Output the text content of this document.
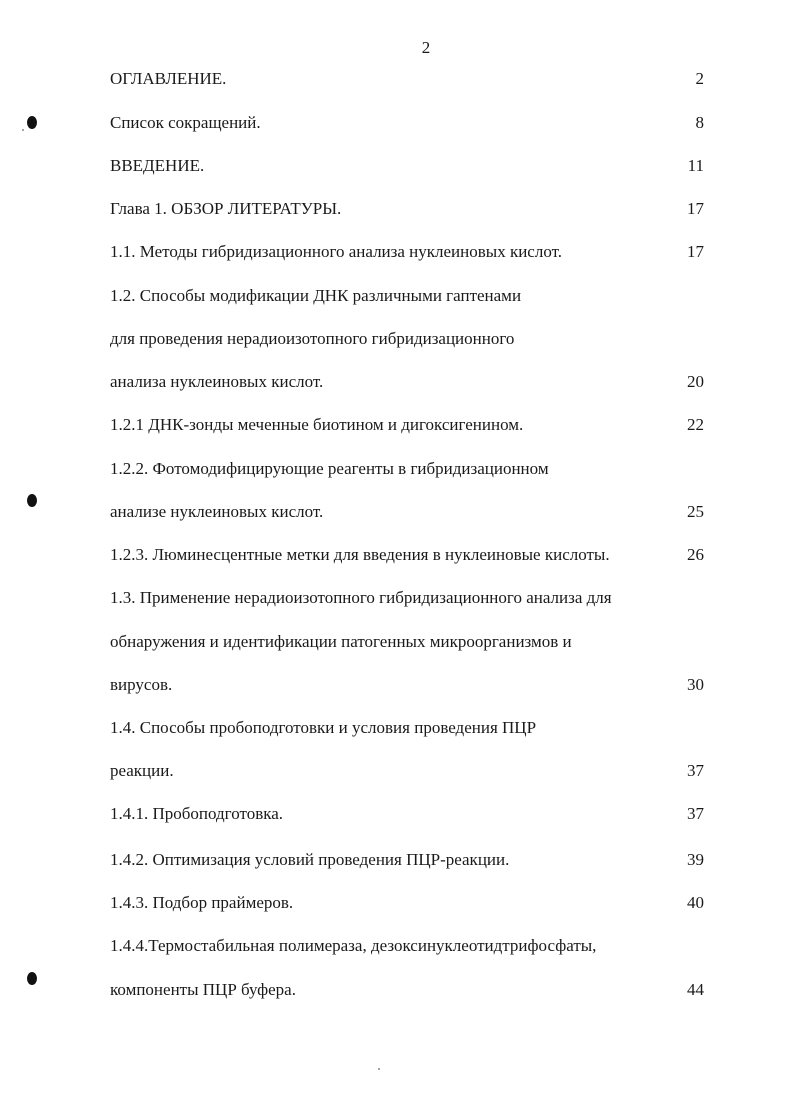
2
ОГЛАВЛЕНИЕ.	2
Список сокращений.	8
ВВЕДЕНИЕ.	11
Глава 1. ОБЗОР ЛИТЕРАТУРЫ.	17
1.1. Методы гибридизационного анализа нуклеиновых кислот.	17
1.2. Способы модификации ДНК различными гаптенами
для проведения нерадиоизотопного гибридизационного
анализа нуклеиновых кислот.	20
1.2.1 ДНК-зонды меченные биотином и дигоксигенином.	22
1.2.2. Фотомодифицирующие реагенты в гибридизационном
анализе нуклеиновых кислот.	25
1.2.3. Люминесцентные метки для введения в нуклеиновые кислоты.	26
1.3. Применение нерадиоизотопного гибридизационного анализа для
обнаружения и идентификации патогенных микроорганизмов и
вирусов.	30
1.4. Способы пробоподготовки и условия проведения ПЦР
реакции.	37
1.4.1. Пробоподготовка.	37
1.4.2. Оптимизация условий проведения ПЦР-реакции.	39
1.4.3. Подбор праймеров.	40
1.4.4.Термостабильная полимераза, дезоксинуклеотидтрифосфаты,
компоненты ПЦР буфера.	44
